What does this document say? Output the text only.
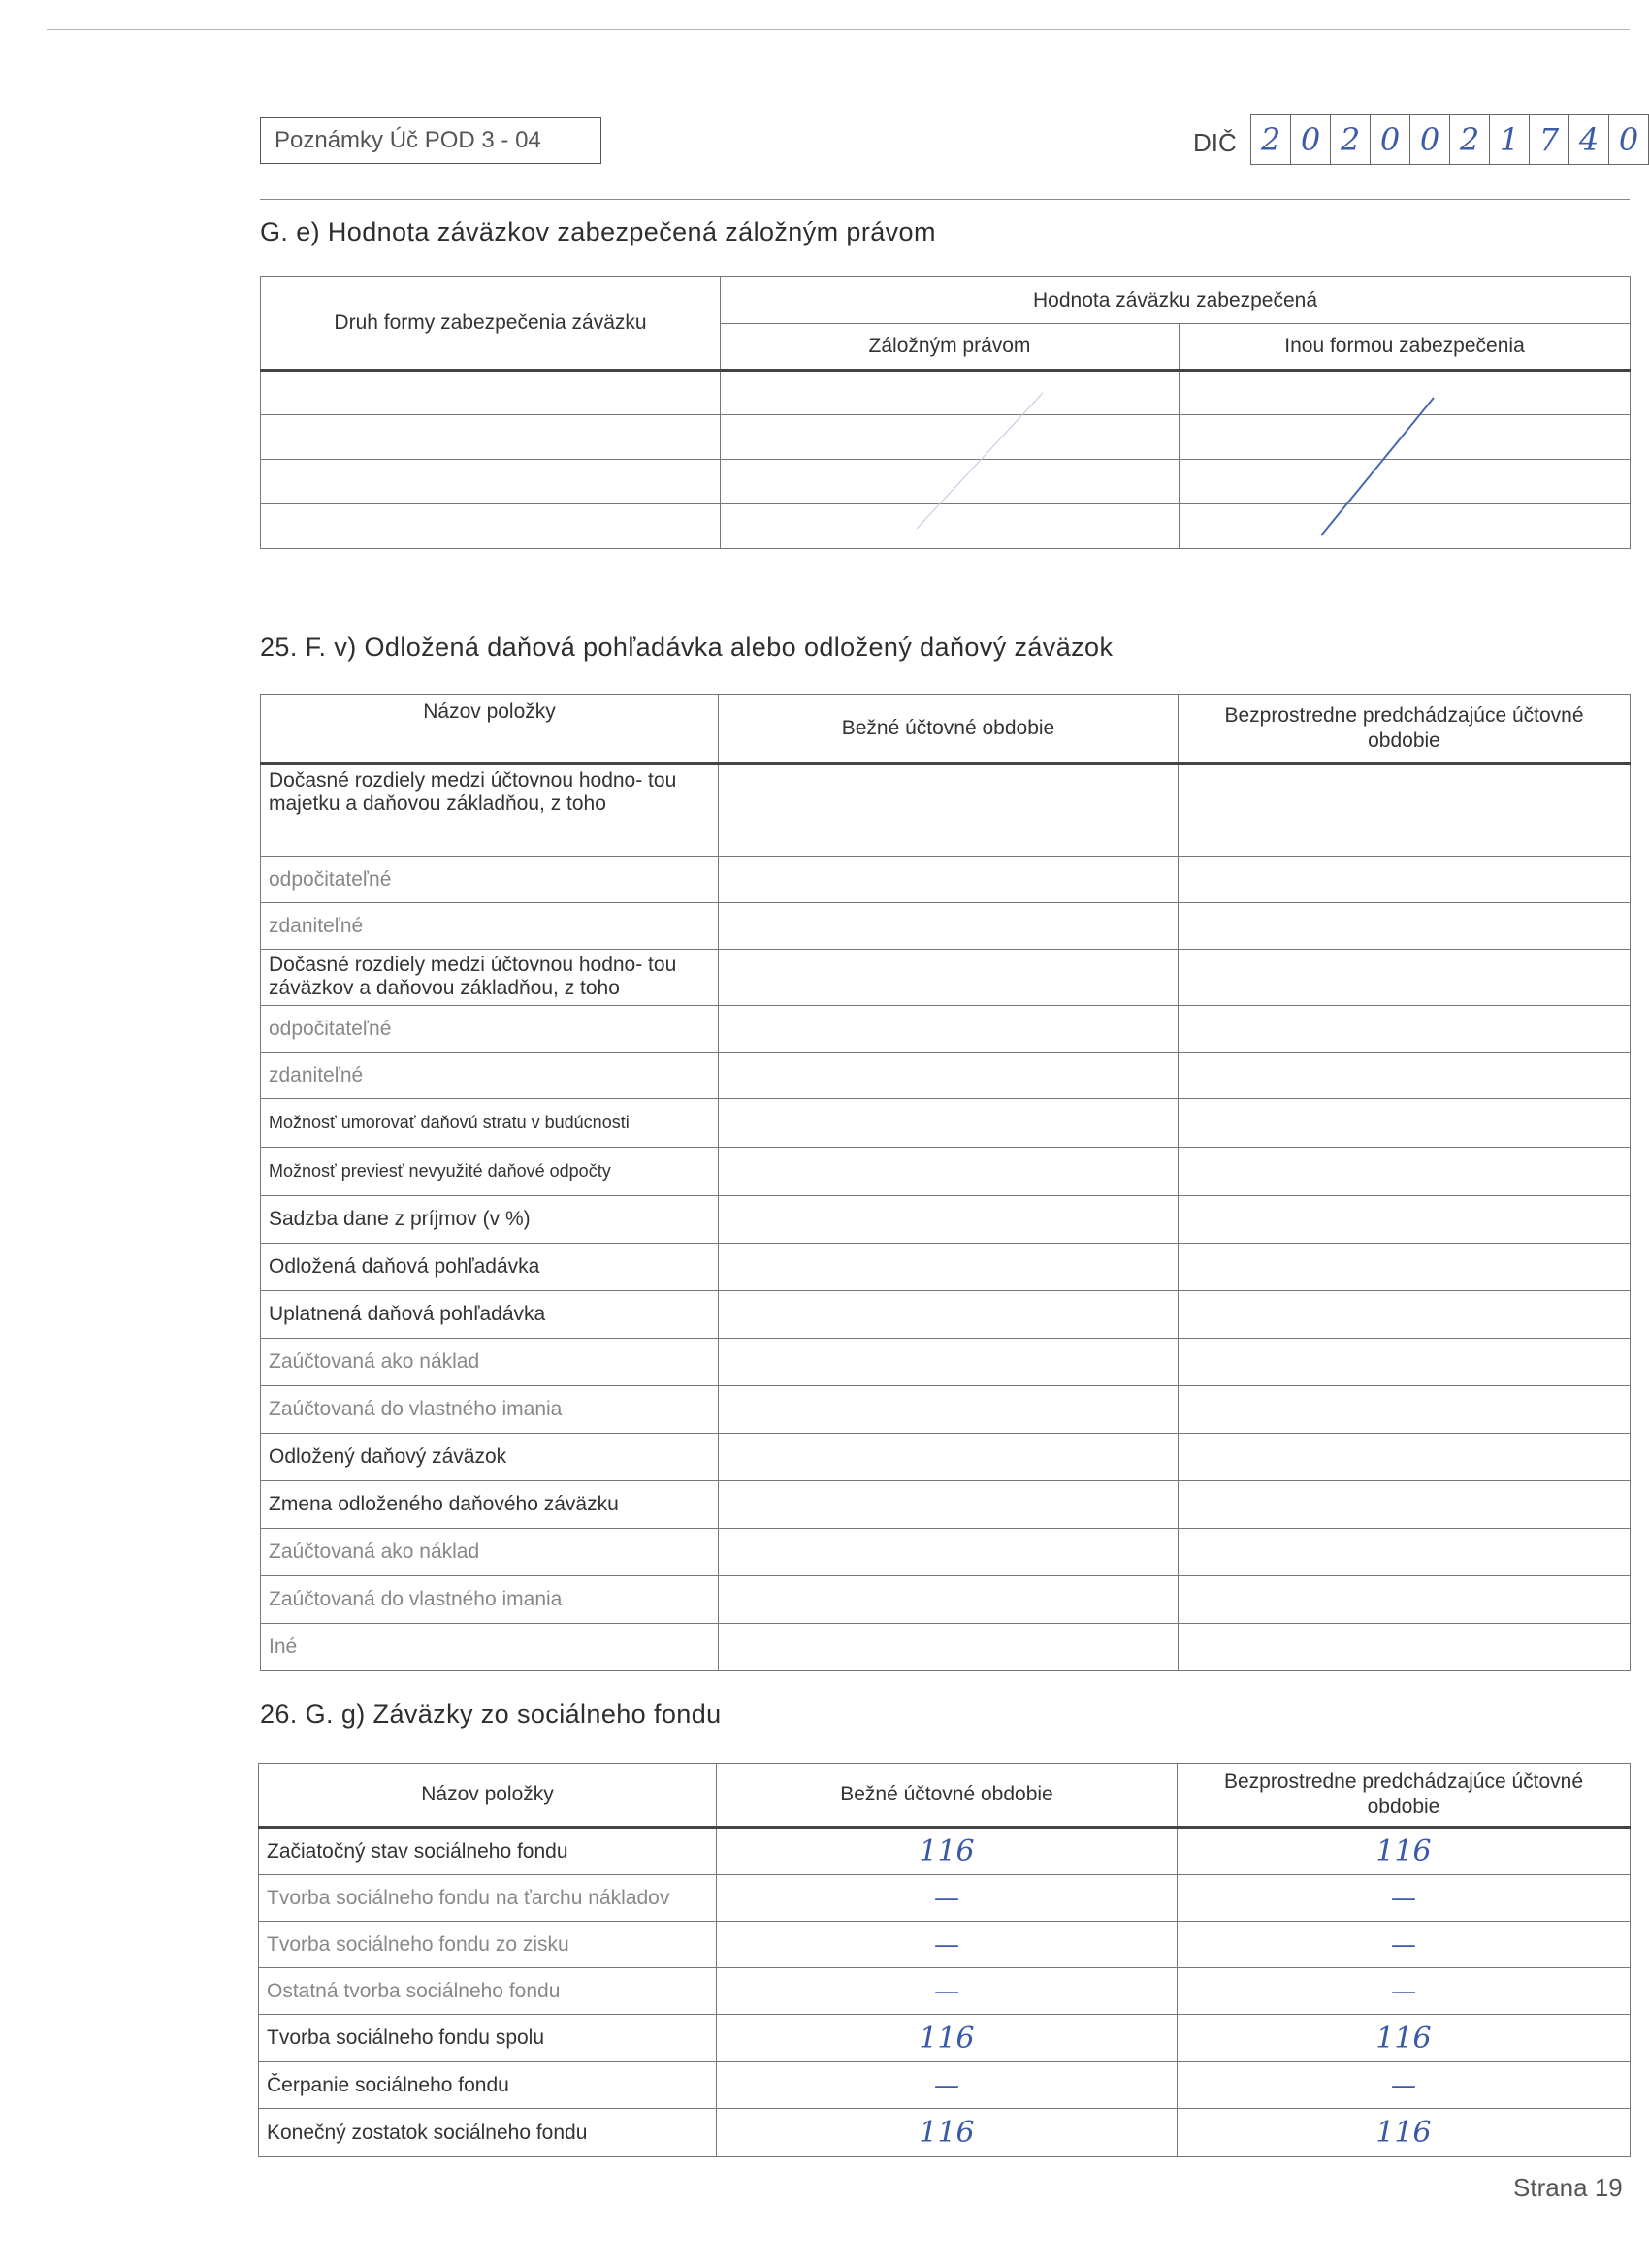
Poznámky Úč POD 3 - 04	DIČ 2 0 2 0 0 2 1 7 4 0
G. e) Hodnota záväzkov zabezpečená záložným právom
Druh formy zabezpečenia záväzku	Hodnota záväzku zabezpečená	
	Záložným právom	Inou formou zabezpečenia

25. F. v) Odložená daňová pohľadávka alebo odložený daňový záväzok
Názov položky	Bežné účtovné obdobie	Bezprostredne predchádzajúce účtovné obdobie
Dočasné rozdiely medzi účtovnou hodno- tou majetku a daňovou základňou, z toho		
odpočitateľné		
zdaniteľné		
Dočasné rozdiely medzi účtovnou hodno- tou záväzkov a daňovou základňou, z toho		
odpočitateľné		
zdaniteľné		
Možnosť umorovať daňovú stratu v budúcnosti		
Možnosť previesť nevyužité daňové odpočty		
Sadzba dane z príjmov (v %)		
Odložená daňová pohľadávka		
Uplatnená daňová pohľadávka		
Zaúčtovaná ako náklad		
Zaúčtovaná do vlastného imania		
Odložený daňový záväzok		
Zmena odloženého daňového záväzku		
Zaúčtovaná ako náklad		
Zaúčtovaná do vlastného imania		
Iné		
26. G. g) Záväzky zo sociálneho fondu
Názov položky	Bežné účtovné obdobie	Bezprostredne predchádzajúce účtovné obdobie
Začiatočný stav sociálneho fondu	116	116
Tvorba sociálneho fondu na ťarchu nákladov	—	—
Tvorba sociálneho fondu zo zisku	—	—
Ostatná tvorba sociálneho fondu	—	—
Tvorba sociálneho fondu spolu	116	116
Čerpanie sociálneho fondu	—	—
Konečný zostatok sociálneho fondu	116	116
Strana 19
